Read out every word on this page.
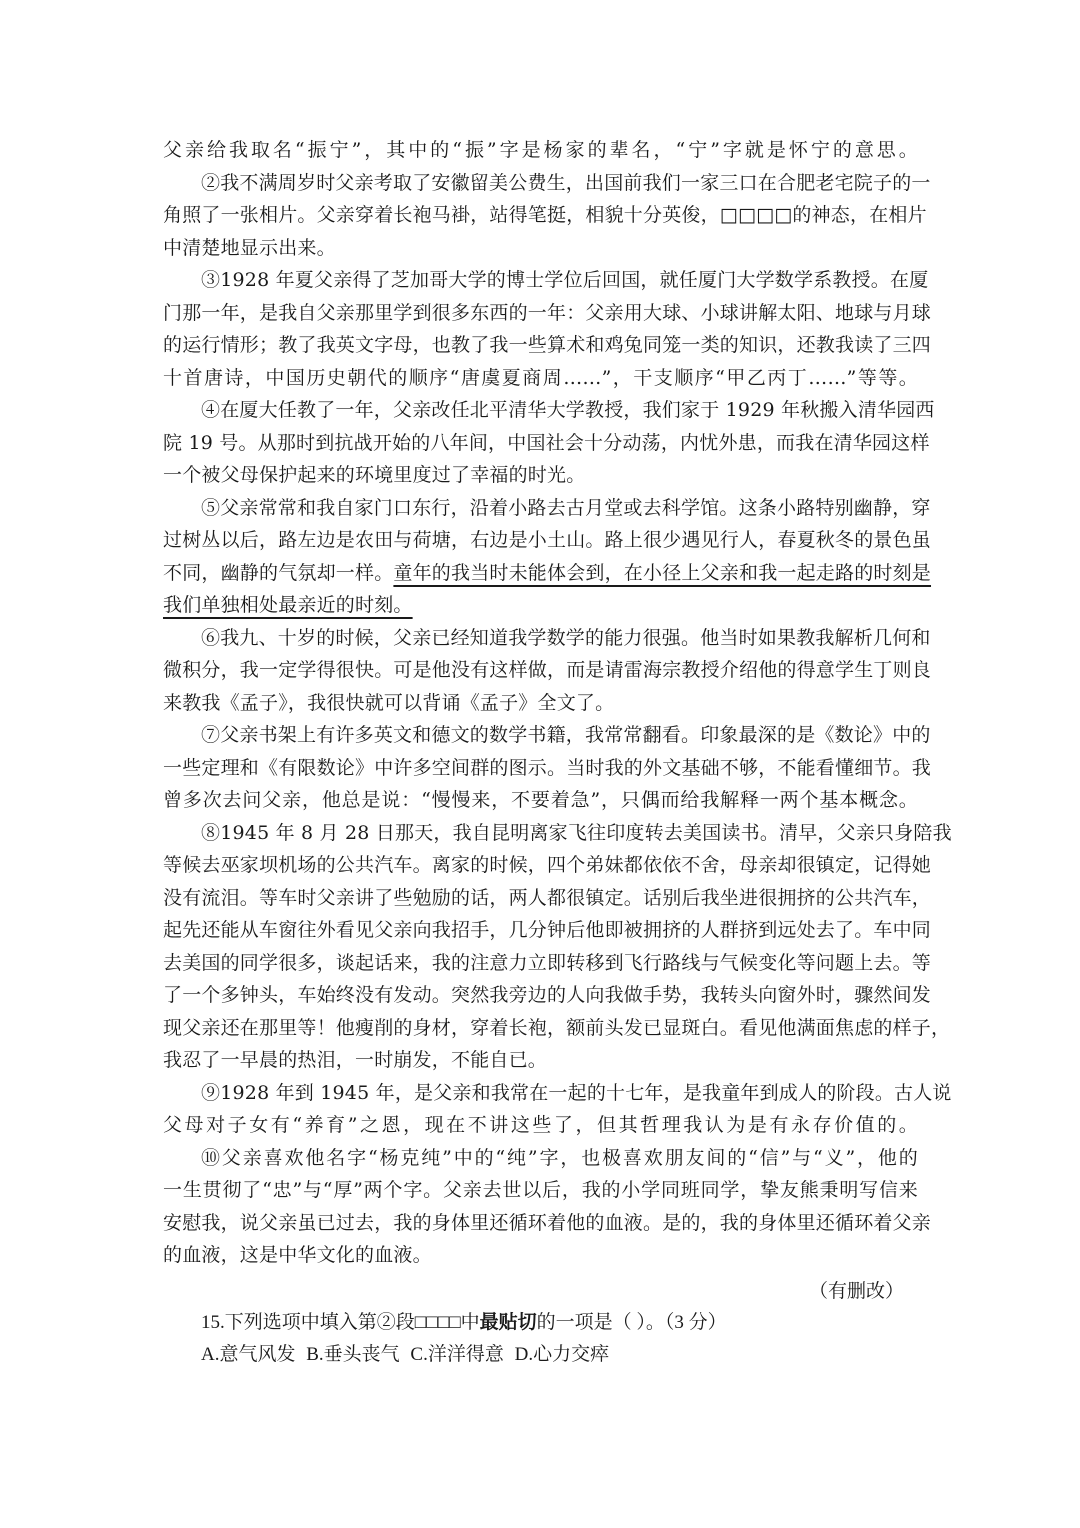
父亲给我取名“振宁”，其中的“振”字是杨家的辈名，“宁”字就是怀宁的意思。
②我不满周岁时父亲考取了安徽留美公费生，出国前我们一家三口在合肥老宅院子的一
角照了一张相片。父亲穿着长袍马褂，站得笔挺，相貌十分英俊，□□□□的神态，在相片
中清楚地显示出来。
③1928 年夏父亲得了芝加哥大学的博士学位后回国，就任厦门大学数学系教授。在厦
门那一年，是我自父亲那里学到很多东西的一年：父亲用大球、小球讲解太阳、地球与月球
的运行情形；教了我英文字母，也教了我一些算术和鸡兔同笼一类的知识，还教我读了三四
十首唐诗，中国历史朝代的顺序“唐虞夏商周……”，干支顺序“甲乙丙丁……”等等。
④在厦大任教了一年，父亲改任北平清华大学教授，我们家于 1929 年秋搬入清华园西
院 19 号。从那时到抗战开始的八年间，中国社会十分动荡，内忧外患，而我在清华园这样
一个被父母保护起来的环境里度过了幸福的时光。
⑤父亲常常和我自家门口东行，沿着小路去古月堂或去科学馆。这条小路特别幽静，穿
过树丛以后，路左边是农田与荷塘，右边是小土山。路上很少遇见行人，春夏秋冬的景色虽
不同，幽静的气氛却一样。童年的我当时未能体会到，在小径上父亲和我一起走路的时刻是
我们单独相处最亲近的时刻。
⑥我九、十岁的时候，父亲已经知道我学数学的能力很强。他当时如果教我解析几何和
微积分，我一定学得很快。可是他没有这样做，而是请雷海宗教授介绍他的得意学生丁则良
来教我《孟子》，我很快就可以背诵《孟子》全文了。
⑦父亲书架上有许多英文和德文的数学书籍，我常常翻看。印象最深的是《数论》中的
一些定理和《有限数论》中许多空间群的图示。当时我的外文基础不够，不能看懂细节。我
曾多次去问父亲，他总是说：“慢慢来，不要着急”，只偶而给我解释一两个基本概念。
⑧1945 年 8 月 28 日那天，我自昆明离家飞往印度转去美国读书。清早，父亲只身陪我
等候去巫家坝机场的公共汽车。离家的时候，四个弟妹都依依不舍，母亲却很镇定，记得她
没有流泪。等车时父亲讲了些勉励的话，两人都很镇定。话别后我坐进很拥挤的公共汽车，
起先还能从车窗往外看见父亲向我招手，几分钟后他即被拥挤的人群挤到远处去了。车中同
去美国的同学很多，谈起话来，我的注意力立即转移到飞行路线与气候变化等问题上去。等
了一个多钟头，车始终没有发动。突然我旁边的人向我做手势，我转头向窗外时，骤然间发
现父亲还在那里等！他瘦削的身材，穿着长袍，额前头发已显斑白。看见他满面焦虑的样子，
我忍了一早晨的热泪，一时崩发，不能自已。
⑨1928 年到 1945 年，是父亲和我常在一起的十七年，是我童年到成人的阶段。古人说
父母对子女有“养育”之恩，现在不讲这些了，但其哲理我认为是有永存价值的。
⑩父亲喜欢他名字“杨克纯”中的“纯”字，也极喜欢朋友间的“信”与“义”，他的
一生贯彻了“忠”与“厚”两个字。父亲去世以后，我的小学同班同学，挚友熊秉明写信来
安慰我，说父亲虽已过去，我的身体里还循环着他的血液。是的，我的身体里还循环着父亲
的血液，这是中华文化的血液。
（有删改）
15.下列选项中填入第②段□□□□中最贴切的一项是（ ）。（3 分）
A.意气风发 B.垂头丧气 C.洋洋得意 D.心力交瘁
